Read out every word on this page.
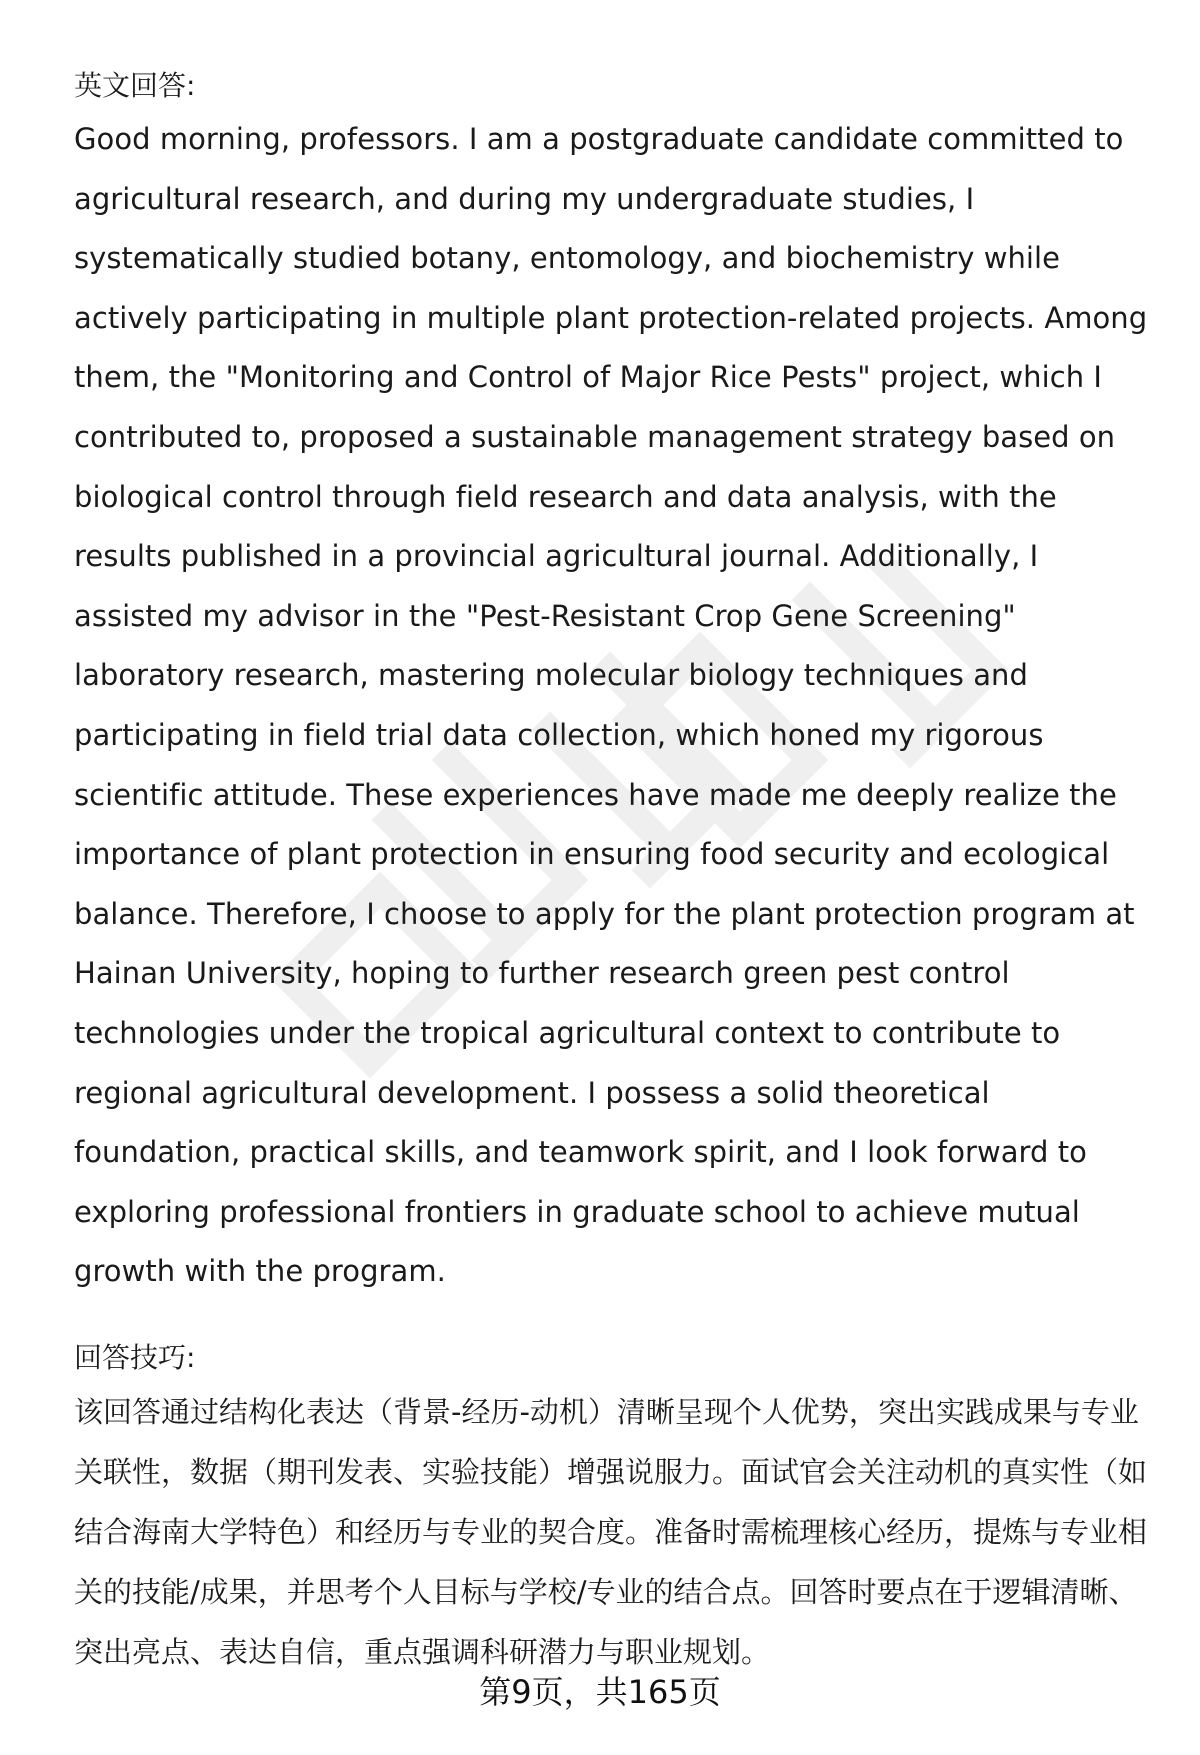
英文回答:

Good morning, professors. I am a postgraduate candidate committed to agricultural research, and during my undergraduate studies, I systematically studied botany, entomology, and biochemistry while actively participating in multiple plant protection-related projects. Among them, the "Monitoring and Control of Major Rice Pests" project, which I contributed to, proposed a sustainable management strategy based on biological control through field research and data analysis, with the results published in a provincial agricultural journal. Additionally, I assisted my advisor in the "Pest-Resistant Crop Gene Screening" laboratory research, mastering molecular biology techniques and participating in field trial data collection, which honed my rigorous scientific attitude. These experiences have made me deeply realize the importance of plant protection in ensuring food security and ecological balance. Therefore, I choose to apply for the plant protection program at Hainan University, hoping to further research green pest control technologies under the tropical agricultural context to contribute to regional agricultural development. I possess a solid theoretical foundation, practical skills, and teamwork spirit, and I look forward to exploring professional frontiers in graduate school to achieve mutual growth with the program.

回答技巧:

该回答通过结构化表达（背景-经历-动机）清晰呈现个人优势，突出实践成果与专业关联性，数据（期刊发表、实验技能）增强说服力。面试官会关注动机的真实性（如结合海南大学特色）和经历与专业的契合度。准备时需梳理核心经历，提炼与专业相关的技能/成果，并思考个人目标与学校/专业的结合点。回答时要点在于逻辑清晰、突出亮点、表达自信，重点强调科研潜力与职业规划。

第9页，共165页
